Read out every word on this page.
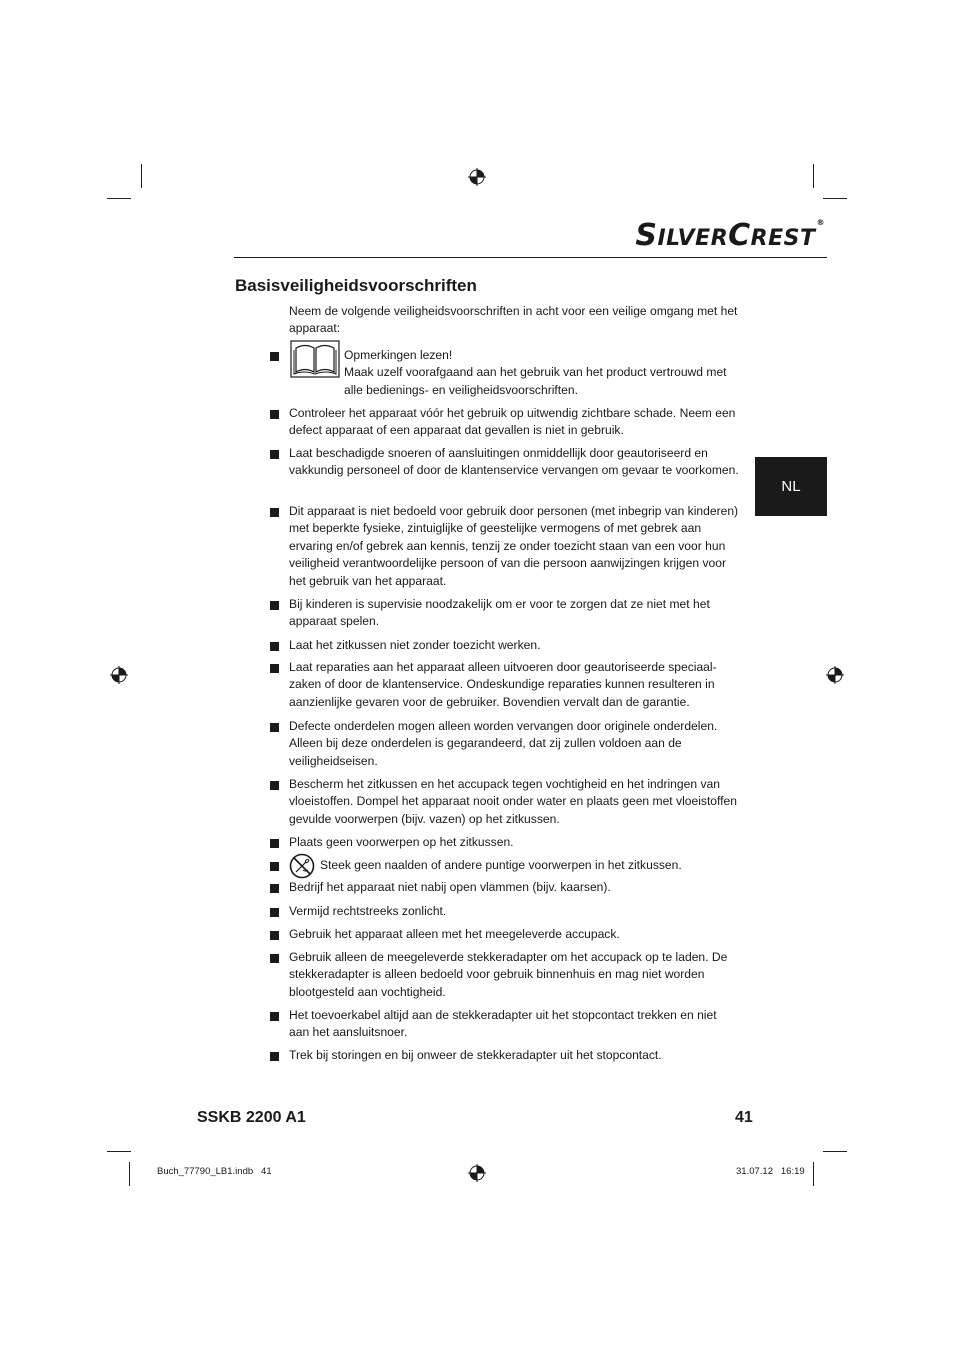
SILVERCREST®
Basisveiligheidsvoorschriften
NL

Neem de volgende veiligheidsvoorschriften in acht voor een veilige omgang met het apparaat:

Opmerkingen lezen!
Maak uzelf voorafgaand aan het gebruik van het product vertrouwd met alle bedienings- en veiligheidsvoorschriften.
Controleer het apparaat vóór het gebruik op uitwendig zichtbare schade. Neem een defect apparaat of een apparaat dat gevallen is niet in gebruik.
Laat beschadigde snoeren of aansluitingen onmiddellijk door geautoriseerd en vakkundig personeel of door de klantenservice vervangen om gevaar te voorkomen.
Dit apparaat is niet bedoeld voor gebruik door personen (met inbegrip van kinderen) met beperkte fysieke, zintuiglijke of geestelijke vermogens of met gebrek aan ervaring en/of gebrek aan kennis, tenzij ze onder toezicht staan van een voor hun veiligheid verantwoordelijke persoon of van die persoon aanwijzingen krijgen voor het gebruik van het apparaat.
Bij kinderen is supervisie noodzakelijk om er voor te zorgen dat ze niet met het apparaat spelen.
Laat het zitkussen niet zonder toezicht werken.
Laat reparaties aan het apparaat alleen uitvoeren door geautoriseerde speciaal-zaken of door de klantenservice. Ondeskundige reparaties kunnen resulteren in aanzienlijke gevaren voor de gebruiker. Bovendien vervalt dan de garantie.
Defecte onderdelen mogen alleen worden vervangen door originele onderdelen. Alleen bij deze onderdelen is gegarandeerd, dat zij zullen voldoen aan de veiligheidseisen.
Bescherm het zitkussen en het accupack tegen vochtigheid en het indringen van vloeistoffen. Dompel het apparaat nooit onder water en plaats geen met vloeistoffen gevulde voorwerpen (bijv. vazen) op het zitkussen.
Plaats geen voorwerpen op het zitkussen.
Steek geen naalden of andere puntige voorwerpen in het zitkussen.
Bedrijf het apparaat niet nabij open vlammen (bijv. kaarsen).
Vermijd rechtstreeks zonlicht.
Gebruik het apparaat alleen met het meegeleverde accupack.
Gebruik alleen de meegeleverde stekkeradapter om het accupack op te laden. De stekkeradapter is alleen bedoeld voor gebruik binnenhuis en mag niet worden blootgesteld aan vochtigheid.
Het toevoerkabel altijd aan de stekkeradapter uit het stopcontact trekken en niet aan het aansluitsnoer.
Trek bij storingen en bij onweer de stekkeradapter uit het stopcontact.
SSKB 2200 A1	41
Buch_77790_LB1.indb   41	31.07.12   16:19
